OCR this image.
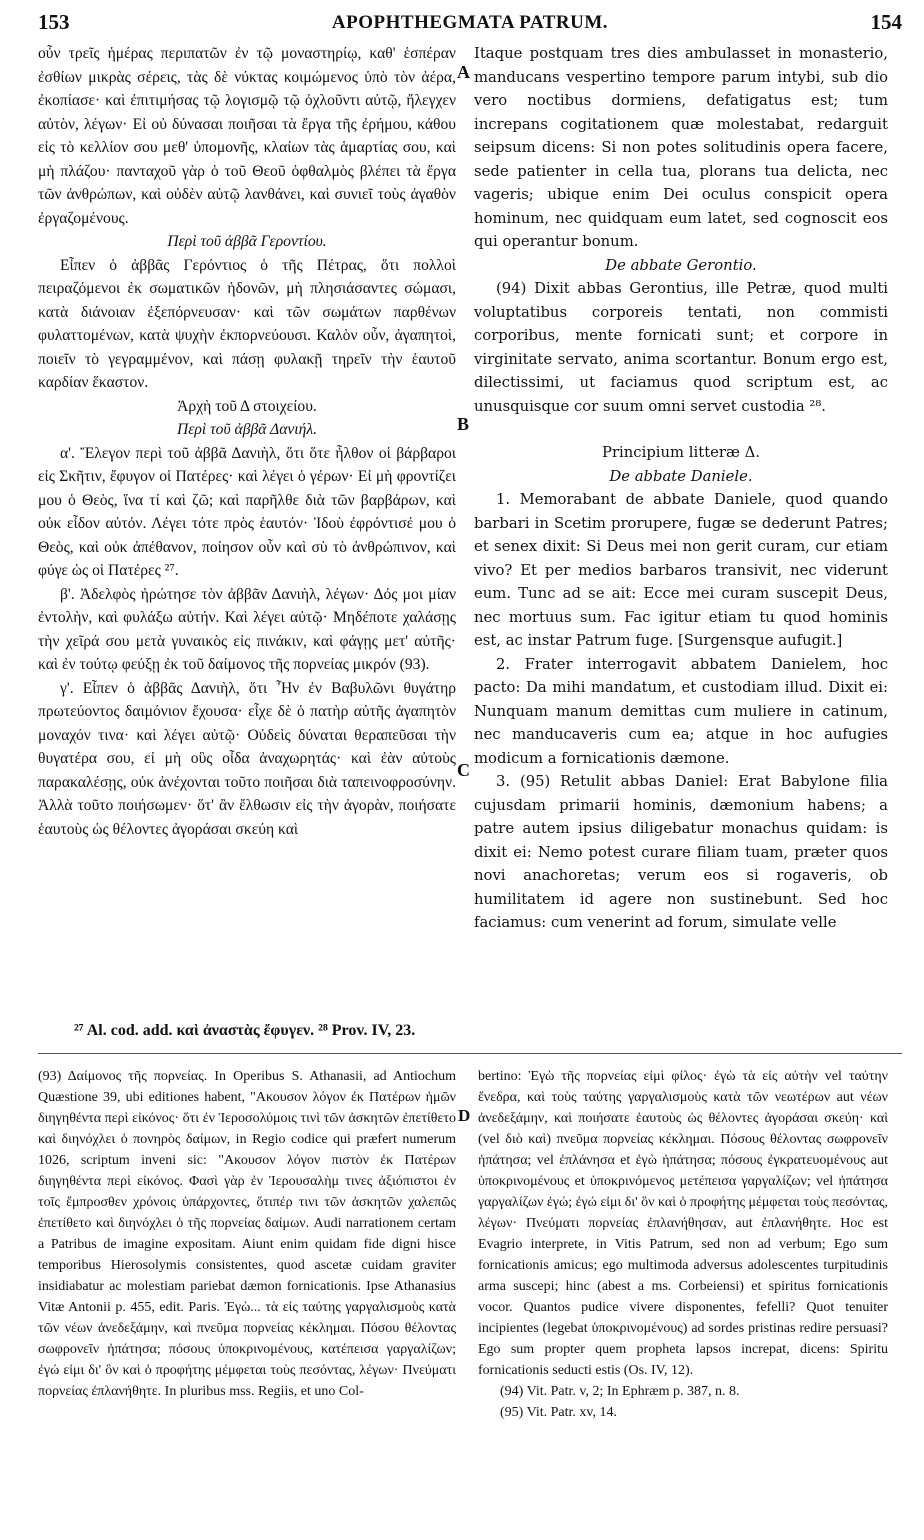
153	APOPHTHEGMATA PATRUM.	154

οὖν τρεῖς ἡμέρας περιπατῶν ἐν τῷ μοναστηρίῳ, καθ' ἑσπέραν ἐσθίων μικρὰς σέρεις, τὰς δὲ νύκτας κοιμώμενος ὑπὸ τὸν ἀέρα, ἐκοπίασε· καὶ ἐπιτιμήσας τῷ λογισμῷ τῷ ὀχλοῦντι αὐτῷ, ἤλεγχεν αὐτὸν, λέγων· Εἰ οὐ δύνασαι ποιῆσαι τὰ ἔργα τῆς ἐρήμου, κάθου εἰς τὸ κελλίον σου μεθ' ὑπομονῆς, κλαίων τὰς ἁμαρτίας σου, καὶ μὴ πλάζου· πανταχοῦ γὰρ ὁ τοῦ Θεοῦ ὀφθαλμὸς βλέπει τὰ ἔργα τῶν ἀνθρώπων, καὶ οὐδὲν αὐτῷ λανθάνει, καὶ συνιεῖ τοὺς ἀγαθὸν ἐργαζομένους.

Περὶ τοῦ ἀββᾶ Γεροντίου.

Εἶπεν ὁ ἀββᾶς Γερόντιος ὁ τῆς Πέτρας, ὅτι πολλοὶ πειραζόμενοι ἐκ σωματικῶν ἡδονῶν, μὴ πλησιάσαντες σώμασι, κατὰ διάνοιαν ἐξεπόρνευσαν· καὶ τῶν σωμάτων παρθένων φυλαττομένων, κατὰ ψυχὴν ἐκπορνεύουσι. Καλὸν οὖν, ἀγαπητοὶ, ποιεῖν τὸ γεγραμμένον, καὶ πάσῃ φυλακῇ τηρεῖν τὴν ἑαυτοῦ καρδίαν ἕκαστον.

Ἀρχὴ τοῦ Δ στοιχείου.

Περὶ τοῦ ἀββᾶ Δανιήλ.

α'. Ἔλεγον περὶ τοῦ ἀββᾶ Δανιὴλ, ὅτι ὅτε ἦλθον οἱ βάρβαροι εἰς Σκῆτιν, ἔφυγον οἱ Πατέρες· καὶ λέγει ὁ γέρων· Εἰ μὴ φροντίζει μου ὁ Θεὸς, ἵνα τί καὶ ζῶ; καὶ παρῆλθε διὰ τῶν βαρβάρων, καὶ οὐκ εἶδον αὐτόν. Λέγει τότε πρὸς ἑαυτόν· Ἰδοὺ ἐφρόντισέ μου ὁ Θεὸς, καὶ οὐκ ἀπέθανον, ποίησον οὖν καὶ σὺ τὸ ἀνθρώπινον, καὶ φύγε ὡς οἱ Πατέρες ²⁷.

β'. Ἀδελφὸς ἠρώτησε τὸν ἀββᾶν Δανιὴλ, λέγων· Δός μοι μίαν ἐντολὴν, καὶ φυλάξω αὐτήν. Καὶ λέγει αὐτῷ· Μηδέποτε χαλάσῃς τὴν χεῖρά σου μετὰ γυναικὸς εἰς πινάκιν, καὶ φάγῃς μετ' αὐτῆς· καὶ ἐν τούτῳ φεύξῃ ἐκ τοῦ δαίμονος τῆς πορνείας μικρόν (93).

γ'. Εἶπεν ὁ ἀββᾶς Δανιὴλ, ὅτι Ἦν ἐν Βαβυλῶνι θυγάτηρ πρωτεύοντος δαιμόνιον ἔχουσα· εἶχε δὲ ὁ πατὴρ αὐτῆς ἀγαπητὸν μοναχόν τινα· καὶ λέγει αὐτῷ· Οὐδεὶς δύναται θεραπεῦσαι τὴν θυγατέρα σου, εἰ μὴ οὓς οἶδα ἀναχωρητάς· καὶ ἐὰν αὐτοὺς παρακαλέσῃς, οὐκ ἀνέχονται τοῦτο ποιῆσαι διὰ ταπεινοφροσύνην. Ἀλλὰ τοῦτο ποιήσωμεν· ὅτ' ἂν ἔλθωσιν εἰς τὴν ἀγορὰν, ποιήσατε ἑαυτοὺς ὡς θέλοντες ἀγοράσαι σκεύη καὶ

A
B
C

Itaque postquam tres dies ambulasset in monasterio, manducans vespertino tempore parum intybi, sub dio vero noctibus dormiens, defatigatus est; tum increpans cogitationem quæ molestabat, redarguit seipsum dicens: Si non potes solitudinis opera facere, sede patienter in cella tua, plorans tua delicta, nec vageris; ubique enim Dei oculus conspicit opera hominum, nec quidquam eum latet, sed cognoscit eos qui operantur bonum.

De abbate Gerontio.

(94) Dixit abbas Gerontius, ille Petræ, quod multi voluptatibus corporeis tentati, non commisti corporibus, mente fornicati sunt; et corpore in virginitate servato, anima scortantur. Bonum ergo est, dilectissimi, ut faciamus quod scriptum est, ac unusquisque cor suum omni servet custodia ²⁸.

Principium litteræ Δ.

De abbate Daniele.

1. Memorabant de abbate Daniele, quod quando barbari in Scetim prorupere, fugæ se dederunt Patres; et senex dixit: Si Deus mei non gerit curam, cur etiam vivo? Et per medios barbaros transivit, nec viderunt eum. Tunc ad se ait: Ecce mei curam suscepit Deus, nec mortuus sum. Fac igitur etiam tu quod hominis est, ac instar Patrum fuge. [Surgensque aufugit.]

2. Frater interrogavit abbatem Danielem, hoc pacto: Da mihi mandatum, et custodiam illud. Dixit ei: Nunquam manum demittas cum muliere in catinum, nec manducaveris cum ea; atque in hoc aufugies modicum a fornicationis dæmone.

3. (95) Retulit abbas Daniel: Erat Babylone filia cujusdam primarii hominis, dæmonium habens; a patre autem ipsius diligebatur monachus quidam: is dixit ei: Nemo potest curare filiam tuam, præter quos novi anachoretas; verum eos si rogaveris, ob humilitatem id agere non sustinebunt. Sed hoc faciamus: cum venerint ad forum, simulate velle

²⁷ Al. cod. add. καὶ ἀναστὰς ἔφυγεν. ²⁸ Prov. IV, 23.

(93) Δαίμονος τῆς πορνείας. In Operibus S. Athanasii, ad Antiochum Quæstione 39, ubi editiones habent, "Ακουσον λόγον ἐκ Πατέρων ἡμῶν διηγηθέντα περὶ εἰκόνος· ὅτι ἐν Ἱεροσολύμοις τινὶ τῶν ἀσκητῶν ἐπετίθετο καὶ διηνόχλει ὁ πονηρὸς δαίμων, in Regio codice qui præfert numerum 1026, scriptum inveni sic: "Ακουσον λόγον πιστὸν ἐκ Πατέρων διηγηθέντα περὶ εἰκόνος. Φασὶ γὰρ ἐν Ἱερουσαλὴμ τινες ἀξιόπιστοι ἐν τοῖς ἔμπροσθεν χρόνοις ὑπάρχοντες, ὅτιπέρ τινι τῶν ἀσκητῶν χαλεπῶς ἐπετίθετο καὶ διηνόχλει ὁ τῆς πορνείας δαίμων. Audi narrationem certam a Patribus de imagine expositam. Aiunt enim quidam fide digni hisce temporibus Hierosolymis consistentes, quod ascetæ cuidam graviter insidiabatur ac molestiam pariebat dæmon fornicationis. Ipse Athanasius Vitæ Antonii p. 455, edit. Paris. Ἐγὼ... τὰ εἰς ταύτης γαργαλισμοὺς κατὰ τῶν νέων ἀνεδεξάμην, καὶ πνεῦμα πορνείας κέκλημαι. Πόσου θέλοντας σωφρονεῖν ἠπάτησα; πόσους ὑποκρινομένους, κατέπεισα γαργαλίζων; ἐγώ εἰμι δι' ὃν καὶ ὁ προφήτης μέμφεται τοὺς πεσόντας, λέγων· Πνεύματι πορνείας ἐπλανήθητε. In pluribus mss. Regiis, et uno Col-

D

bertino: Ἐγὼ τῆς πορνείας εἰμὶ φίλος· ἐγὼ τὰ εἰς αὐτὴν vel ταύτην ἔνεδρα, καὶ τοὺς ταύτης γαργαλισμοὺς κατὰ τῶν νεωτέρων aut νέων ἀνεδεξάμην, καὶ ποιήσατε ἑαυτοὺς ὡς θέλοντες ἀγοράσαι σκεύη· καὶ (vel διὸ καὶ) πνεῦμα πορνείας κέκλημαι. Πόσους θέλοντας σωφρονεῖν ἠπάτησα; vel ἐπλάνησα et ἐγὼ ἠπάτησα; πόσους ἐγκρατευομένους aut ὑποκρινομένους et ὑποκρινόμενος μετέπεισα γαργαλίζων; vel ἠπάτησα γαργαλίζων ἐγώ; ἐγώ εἰμι δι' ὃν καὶ ὁ προφήτης μέμφεται τοὺς πεσόντας, λέγων· Πνεύματι πορνείας ἐπλανήθησαν, aut ἐπλανήθητε. Hoc est Evagrio interprete, in Vitis Patrum, sed non ad verbum; Ego sum fornicationis amicus; ego multimoda adversus adolescentes turpitudinis arma suscepi; hinc (abest a ms. Corbeiensi) et spiritus fornicationis vocor. Quantos pudice vivere disponentes, fefelli? Quot tenuiter incipientes (legebat ὑποκρινομένους) ad sordes pristinas redire persuasi? Ego sum propter quem propheta lapsos increpat, dicens: Spiritu fornicationis seducti estis (Os. IV, 12).

(94) Vit. Patr. v, 2; In Ephræm p. 387, n. 8.

(95) Vit. Patr. xv, 14.
